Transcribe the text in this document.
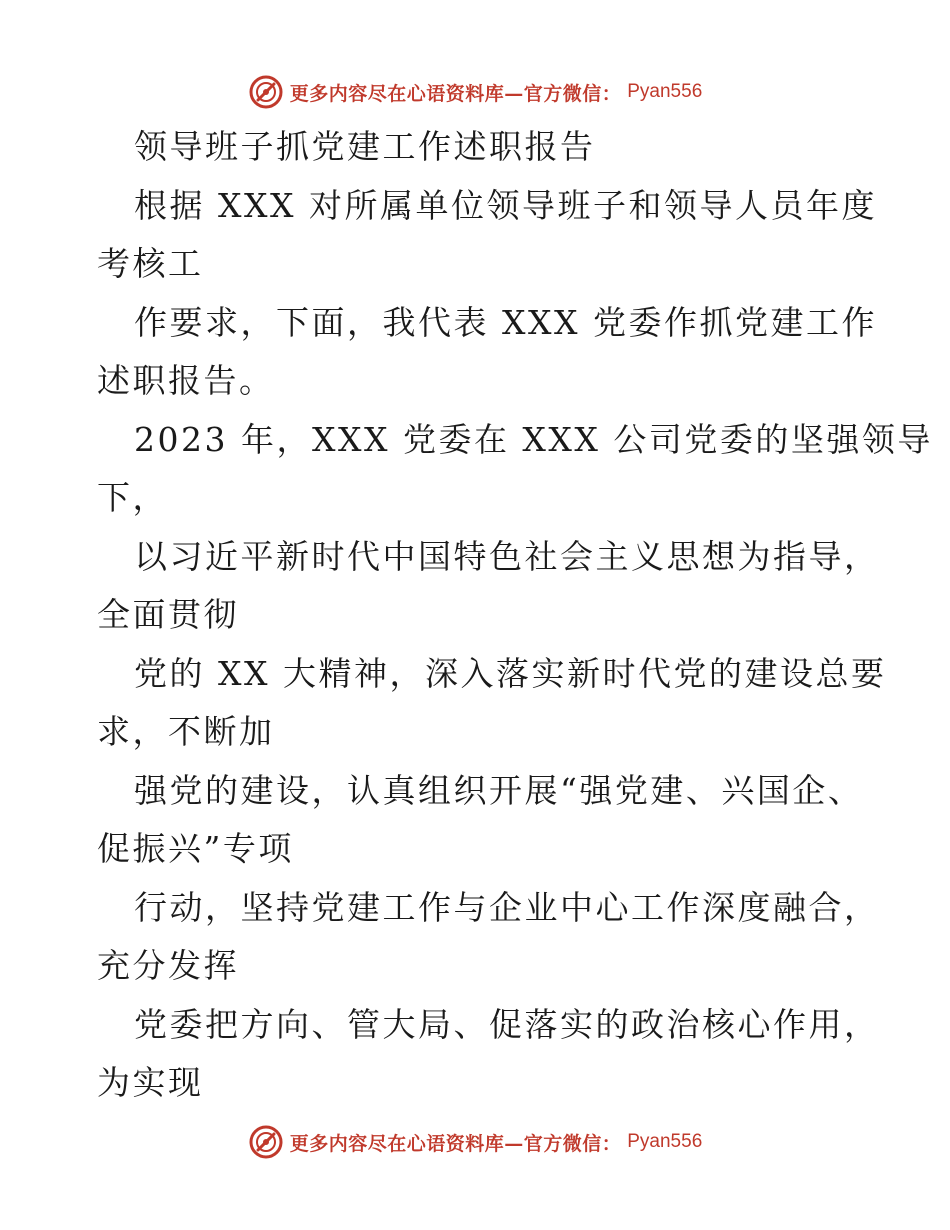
更多内容尽在心语资料库—官方微信： Pyan556
领导班子抓党建工作述职报告
根据 XXX 对所属单位领导班子和领导人员年度
考核工
作要求，下面，我代表 XXX 党委作抓党建工作
述职报告。
2023 年，XXX 党委在 XXX 公司党委的坚强领导
下，
以习近平新时代中国特色社会主义思想为指导，
全面贯彻
党的 XX 大精神，深入落实新时代党的建设总要
求，不断加
强党的建设，认真组织开展“强党建、兴国企、
促振兴”专项
行动，坚持党建工作与企业中心工作深度融合，
充分发挥
党委把方向、管大局、促落实的政治核心作用，
为实现
更多内容尽在心语资料库—官方微信： Pyan556
